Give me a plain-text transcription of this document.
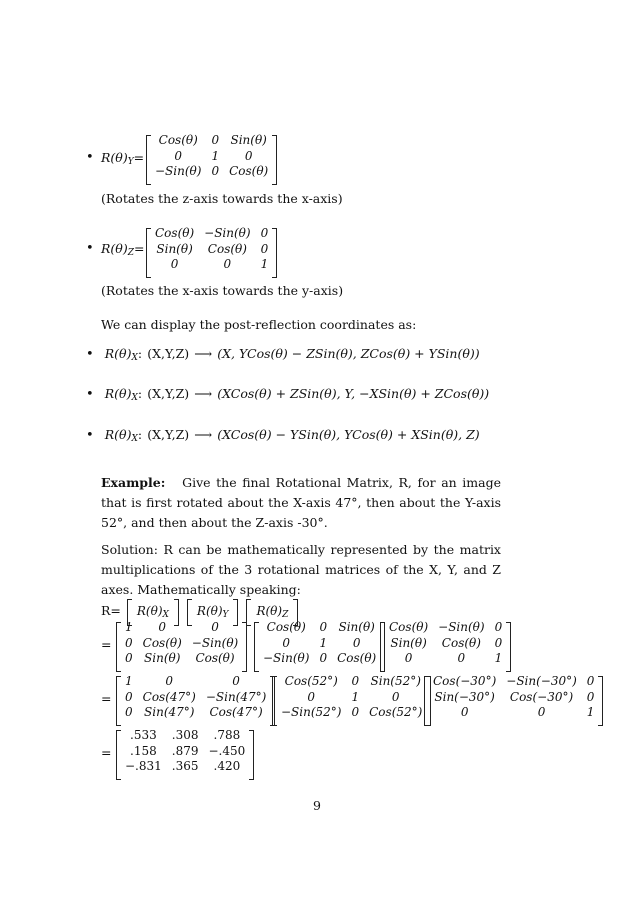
• $R(\theta)_Y=$
Cos(θ)	0	Sin(θ)
0	1	0
−Sin(θ)	0	Cos(θ)
(Rotates the z-axis towards the x-axis)
• $R(\theta)_Z=$
Cos(θ)	−Sin(θ)	0
Sin(θ)	Cos(θ)	0
0	0	1
(Rotates the x-axis towards the y-axis)
We can display the post-reflection coordinates as:
• $R(\theta)_X$: (X,Y,Z) ⟶ (X, YCos(θ) − ZSin(θ), ZCos(θ) + YSin(θ))
• $R(\theta)_X$: (X,Y,Z) ⟶ (XCos(θ) + ZSin(θ), Y, −XSin(θ) + ZCos(θ))
• $R(\theta)_X$: (X,Y,Z) ⟶ (XCos(θ) − YSin(θ), YCos(θ) + XSin(θ), Z)
Example: Give the final Rotational Matrix, R, for an image that is first rotated about the X-axis 47°, then about the Y-axis 52°, and then about the Z-axis -30°.
Solution: R can be mathematically represented by the matrix multiplications of the 3 rotational matrices of the X, Y, and Z axes. Mathematically speaking:
$R= R(\theta)_X$ $R(\theta)_Y$ $R(\theta)_Z$
=
1	0	0
0	Cos(θ)	−Sin(θ)
0	Sin(θ)	Cos(θ)
Cos(θ)	0	Sin(θ)
0	1	0
−Sin(θ)	0	Cos(θ)
Cos(θ)	−Sin(θ)	0
Sin(θ)	Cos(θ)	0
0	0	1
=
1	0	0
0	Cos(47°)	−Sin(47°)
0	Sin(47°)	Cos(47°)
Cos(52°)	0	Sin(52°)
0	1	0
−Sin(52°)	0	Cos(52°)
Cos(−30°)	−Sin(−30°)	0
Sin(−30°)	Cos(−30°)	0
0	0	1
=
.533	.308	.788
.158	.879	−.450
−.831	.365	.420
9
